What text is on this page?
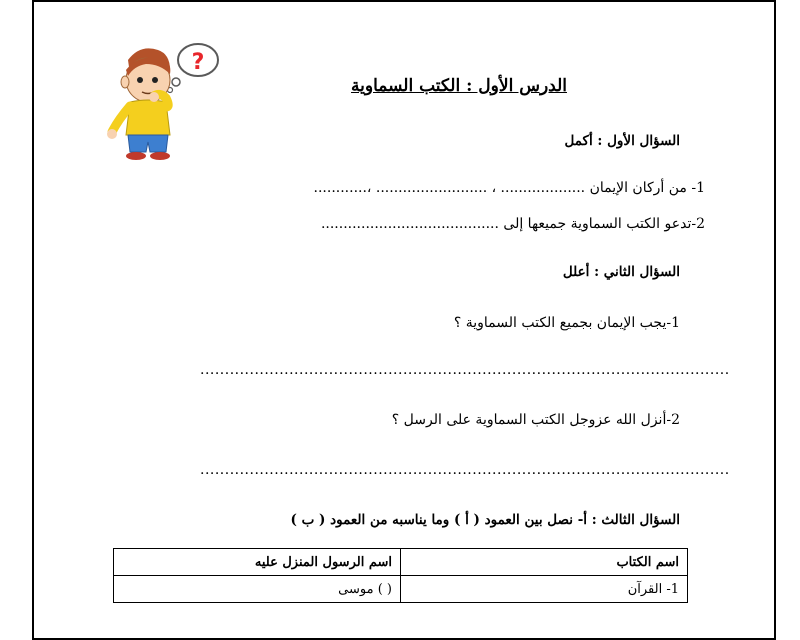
?
الدرس الأول : الكتب السماوية
السؤال الأول : أكمل
1- من أركان الإيمان ................... ، ......................... ،............
2-تدعو الكتب السماوية جميعها إلى ........................................
السؤال الثاني : أعلل
1-يجب الإيمان بجميع الكتب السماوية ؟
...........................................................................................................
2-أنزل الله عزوجل الكتب السماوية على الرسل ؟
...........................................................................................................
السؤال الثالث : أ- نصل بين العمود ( أ ) وما يناسبه من العمود ( ب )
اسم الكتاب	اسم الرسول المنزل عليه
1- القرآن	( ) موسى
